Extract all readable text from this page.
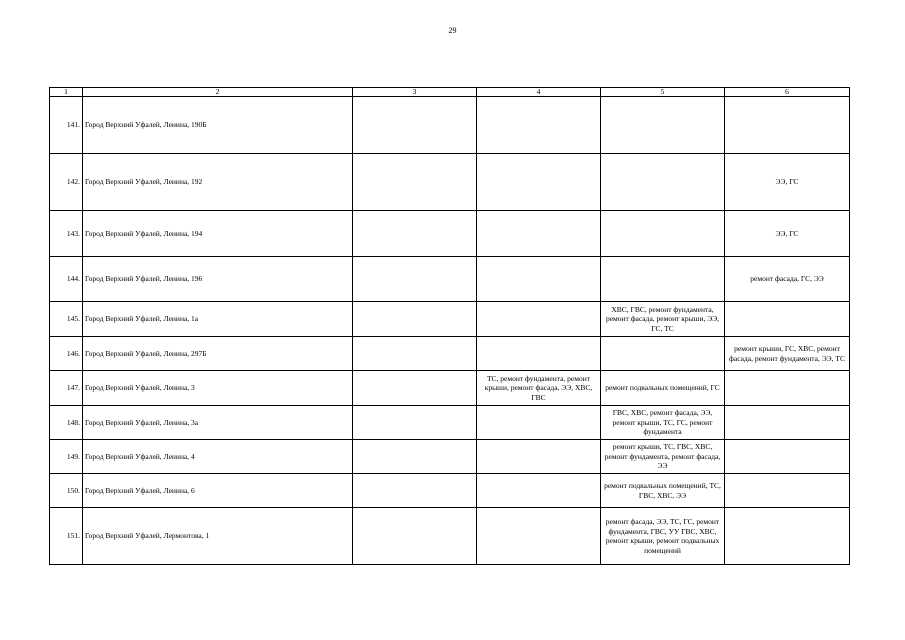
29
1	2	3	4	5	6
141.	Город Верхний Уфалей, Ленина, 190Б				
142.	Город Верхний Уфалей, Ленина, 192				ЭЭ, ГС
143.	Город Верхний Уфалей, Ленина, 194				ЭЭ, ГС
144.	Город Верхний Уфалей, Ленина, 196				ремонт фасада, ГС, ЭЭ
145.	Город Верхний Уфалей, Ленина, 1а			ХВС, ГВС, ремонт фундамента, ремонт фасада, ремонт крыши, ЭЭ, ГС, ТС	
146.	Город Верхний Уфалей, Ленина, 297Б				ремонт крыши, ГС, ХВС, ремонт фасада, ремонт фундамента, ЭЭ, ТС
147.	Город Верхний Уфалей, Ленина, 3		ТС, ремонт фундамента, ремонт крыши, ремонт фасада, ЭЭ, ХВС, ГВС	ремонт подвальных помещений, ГС	
148.	Город Верхний Уфалей, Ленина, 3а			ГВС, ХВС, ремонт фасада, ЭЭ, ремонт крыши, ТС, ГС, ремонт фундамента	
149.	Город Верхний Уфалей, Ленина, 4			ремонт крыши, ТС, ГВС, ХВС, ремонт фундамента, ремонт фасада, ЭЭ	
150.	Город Верхний Уфалей, Ленина, 6			ремонт подвальных помещений, ТС, ГВС, ХВС, ЭЭ	
151.	Город Верхний Уфалей, Лермонтова, 1			ремонт фасада, ЭЭ, ТС, ГС, ремонт фундамента, ГВС, УУ ГВС, ХВС, ремонт крыши, ремонт подвальных помещений	
